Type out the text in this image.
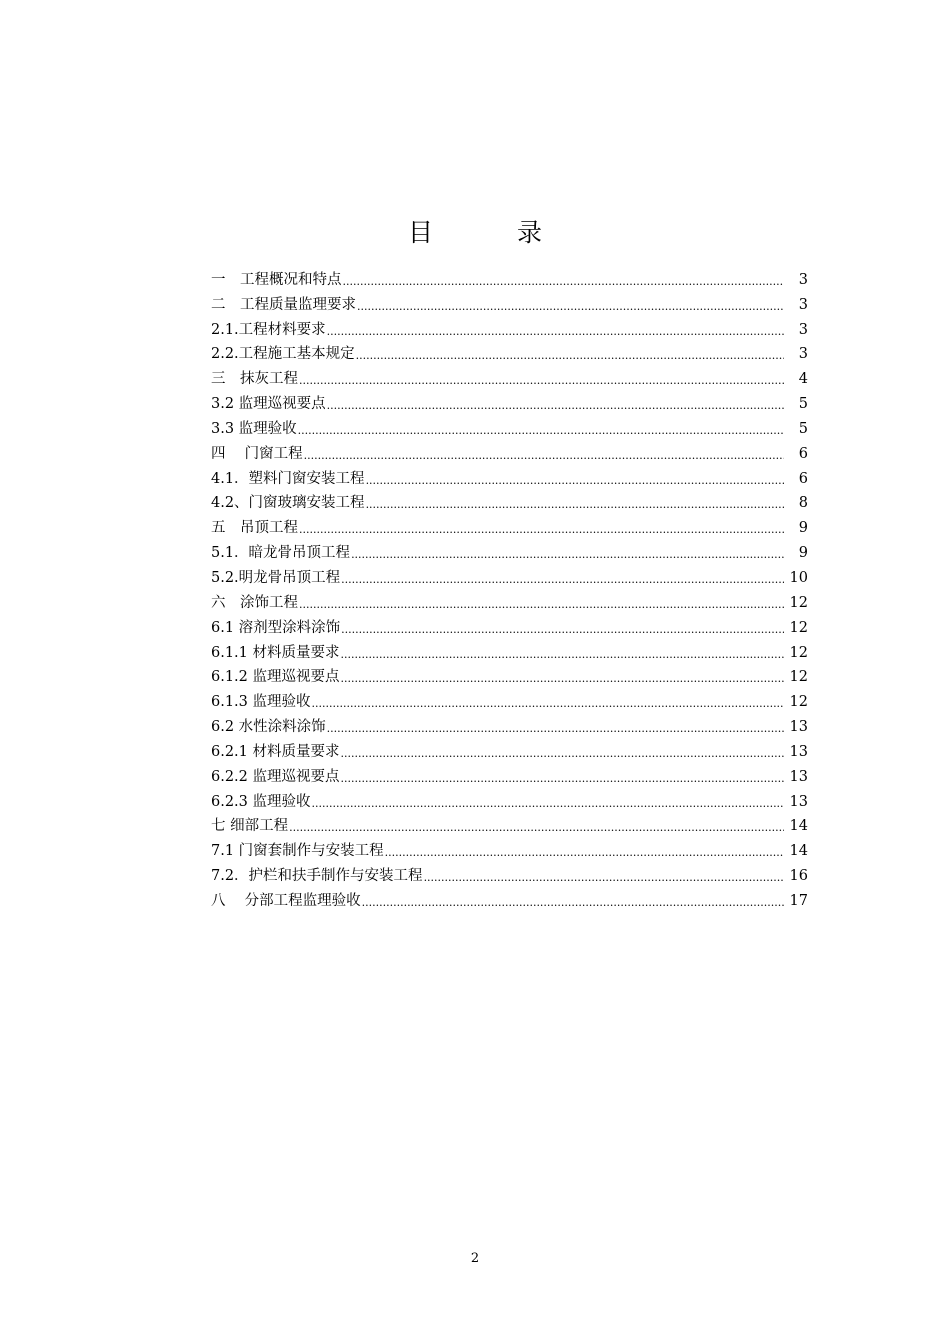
目 录
一　工程概况和特点 .....	3
二　工程质量监理要求 .....	3
2.1.工程材料要求 .....	3
2.2.工程施工基本规定 .....	3
三　抹灰工程 .....	4
3.2 监理巡视要点 .....	5
3.3 监理验收 .....	5
四　 门窗工程 .....	6
4.1．塑料门窗安装工程 .....	6
4.2、门窗玻璃安装工程 .....	8
五　吊顶工程 .....	9
5.1．暗龙骨吊顶工程 .....	9
5.2.明龙骨吊顶工程 .....	10
六　涂饰工程 .....	12
6.1 溶剂型涂料涂饰 .....	12
6.1.1 材料质量要求 .....	12
6.1.2 监理巡视要点 .....	12
6.1.3 监理验收 .....	12
6.2 水性涂料涂饰 .....	13
6.2.1 材料质量要求 .....	13
6.2.2 监理巡视要点 .....	13
6.2.3 监理验收 .....	13
七 细部工程 .....	14
7.1 门窗套制作与安装工程 .....	14
7.2．护栏和扶手制作与安装工程 .....	16
八　 分部工程监理验收 .....	17
2
